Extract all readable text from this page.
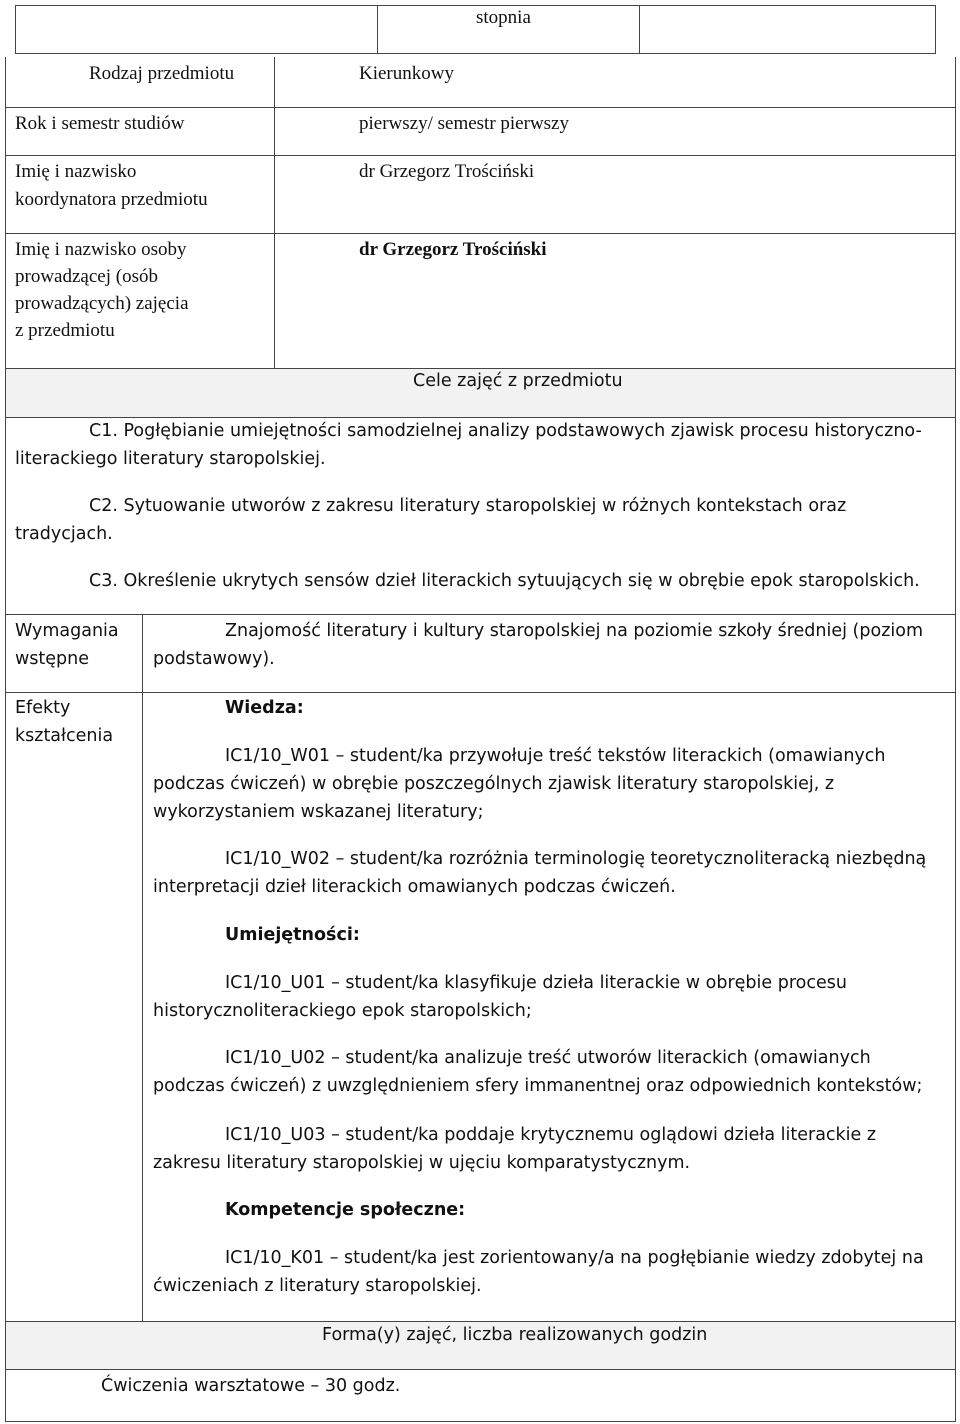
stopnia
Rodzaj przedmiotu	Kierunkowy
Rok i semestr studiów	pierwszy/ semestr pierwszy
Imię i nazwisko
koordynatora przedmiotu
dr Grzegorz Trościński
Imię i nazwisko osoby
prowadzącej (osób
prowadzących) zajęcia
z przedmiotu
dr Grzegorz Trościński
Cele zajęć z przedmiotu
C1. Pogłębianie umiejętności samodzielnej analizy podstawowych zjawisk procesu historyczno-
literackiego literatury staropolskiej.
C2. Sytuowanie utworów z zakresu literatury staropolskiej w różnych kontekstach oraz
tradycjach.
C3. Określenie ukrytych sensów dzieł literackich sytuujących się w obrębie epok staropolskich.
Wymagania
wstępne
Znajomość literatury i kultury staropolskiej na poziomie szkoły średniej (poziom
podstawowy).
Efekty
kształcenia
Wiedza:
IC1/10_W01 – student/ka przywołuje treść tekstów literackich (omawianych
podczas ćwiczeń) w obrębie poszczególnych zjawisk literatury staropolskiej, z
wykorzystaniem wskazanej literatury;
IC1/10_W02 – student/ka rozróżnia terminologię teoretycznoliteracką niezbędną
interpretacji dzieł literackich omawianych podczas ćwiczeń.
Umiejętności:
IC1/10_U01 – student/ka klasyfikuje dzieła literackie w obrębie procesu
historycznoliterackiego epok staropolskich;
IC1/10_U02 – student/ka analizuje treść utworów literackich (omawianych
podczas ćwiczeń) z uwzględnieniem sfery immanentnej oraz odpowiednich kontekstów;
IC1/10_U03 – student/ka poddaje krytycznemu oglądowi dzieła literackie z
zakresu literatury staropolskiej w ujęciu komparatystycznym.
Kompetencje społeczne:
IC1/10_K01 – student/ka jest zorientowany/a na pogłębianie wiedzy zdobytej na
ćwiczeniach z literatury staropolskiej.
Forma(y) zajęć, liczba realizowanych godzin
Ćwiczenia warsztatowe – 30 godz.
